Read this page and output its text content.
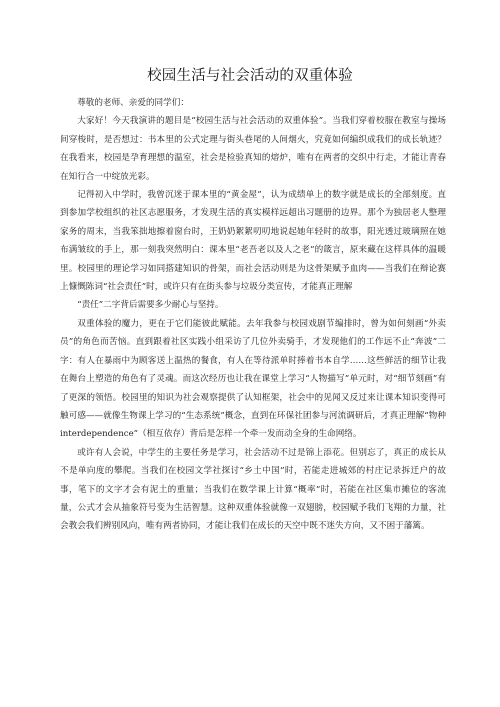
校园生活与社会活动的双重体验

尊敬的老师、亲爱的同学们：

大家好！今天我演讲的题目是“校园生活与社会活动的双重体验”。当我们穿着校服在教室与操场间穿梭时，是否想过：书本里的公式定理与街头巷尾的人间烟火，究竟如何编织成我们的成长轨迹？在我看来，校园是孕育理想的温室，社会是检验真知的熔炉，唯有在两者的交织中行走，才能让青春在知行合一中绽放光彩。

记得初入中学时，我曾沉迷于课本里的“黄金屋”，认为成绩单上的数字就是成长的全部刻度。直到参加学校组织的社区志愿服务，才发现生活的真实模样远超出习题册的边界。那个为独居老人整理家务的周末，当我笨拙地擦着窗台时，王奶奶絮絮叨叨地说起她年轻时的故事，阳光透过玻璃照在她布满皱纹的手上，那一刻我突然明白：课本里“老吾老以及人之老”的箴言，原来藏在这样具体的温暖里。校园里的理论学习如同搭建知识的骨架，而社会活动则是为这骨架赋予血肉——当我们在辩论赛上慷慨陈词“社会责任”时，或许只有在街头参与垃圾分类宣传，才能真正理解

“责任”二字背后需要多少耐心与坚持。

双重体验的魔力，更在于它们能彼此赋能。去年我参与校园戏剧节编排时，曾为如何刻画“外卖员”的角色而苦恼。直到跟着社区实践小组采访了几位外卖骑手，才发现他们的工作远不止“奔波”二字：有人在暴雨中为顾客送上温热的餐食，有人在等待派单时捧着书本自学……这些鲜活的细节让我在舞台上塑造的角色有了灵魂。而这次经历也让我在课堂上学习“人物描写”单元时，对“细节刻画”有了更深的领悟。校园里的知识为社会观察提供了认知框架，社会中的见闻又反过来让课本知识变得可触可感——就像生物课上学习的“生态系统”概念，直到在环保社团参与河流调研后，才真正理解“物种interdependence”（相互依存）背后是怎样一个牵一发而动全身的生命网络。

或许有人会说，中学生的主要任务是学习，社会活动不过是锦上添花。但别忘了，真正的成长从不是单向度的攀爬。当我们在校园文学社探讨“乡土中国”时，若能走进城郊的村庄记录拆迁户的故事，笔下的文字才会有泥土的重量；当我们在数学课上计算“概率”时，若能在社区集市摊位的客流量，公式才会从抽象符号变为生活智慧。这种双重体验就像一双翅膀，校园赋予我们飞翔的力量，社会教会我们辨别风向，唯有两者协同，才能让我们在成长的天空中既不迷失方向，又不困于藩篱。
